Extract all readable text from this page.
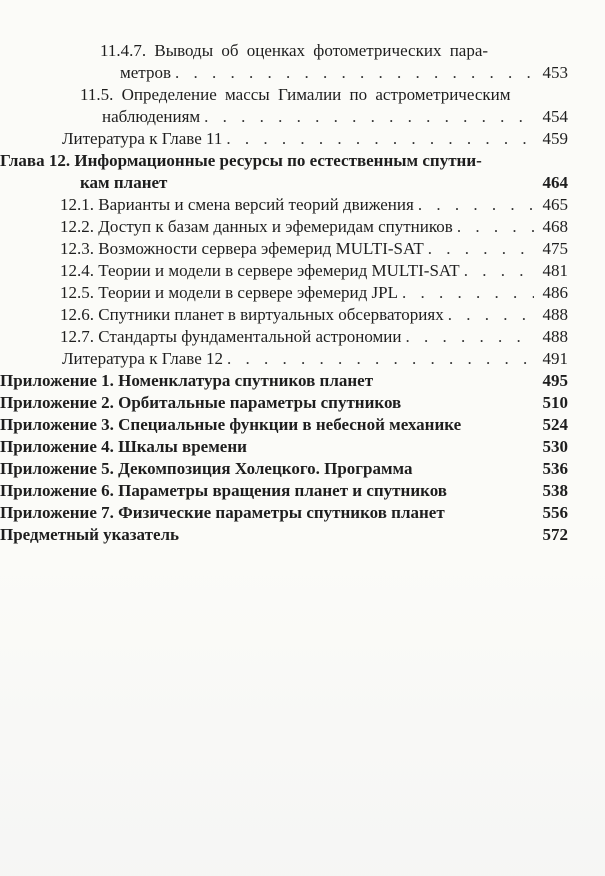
11.4.7. Выводы об оценках фотометрических пара-
метров . . .	453
11.5. Определение массы Гималии по астрометрическим
наблюдениям . . .	454
Литература к Главе 11 . . .	459
Глава 12. Информационные ресурсы по естественным спутни-
кам планет	464
12.1. Варианты и смена версий теорий движения . . .	465
12.2. Доступ к базам данных и эфемеридам спутников . . .	468
12.3. Возможности сервера эфемерид MULTI-SAT . . .	475
12.4. Теории и модели в сервере эфемерид MULTI-SAT . . .	481
12.5. Теории и модели в сервере эфемерид JPL . . .	486
12.6. Спутники планет в виртуальных обсерваториях . . .	488
12.7. Стандарты фундаментальной астрономии . . .	488
Литература к Главе 12 . . .	491
Приложение 1. Номенклатура спутников планет	495
Приложение 2. Орбитальные параметры спутников	510
Приложение 3. Специальные функции в небесной механике	524
Приложение 4. Шкалы времени	530
Приложение 5. Декомпозиция Холецкого. Программа	536
Приложение 6. Параметры вращения планет и спутников	538
Приложение 7. Физические параметры спутников планет	556
Предметный указатель	572
